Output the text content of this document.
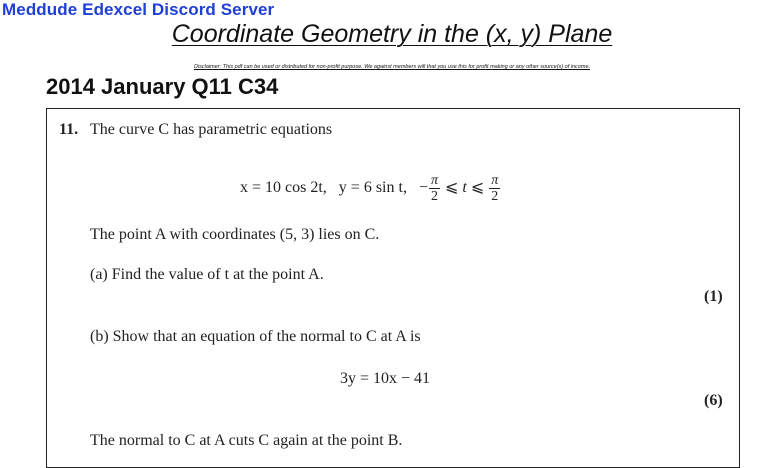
Meddude Edexcel Discord Server
Coordinate Geometry in the (x, y) Plane
Disclaimer: This pdf can be used or distributed for non-profit purpose. We against members will that you use this for profit making or any other source(s) of income.
2014 January Q11 C34
11. The curve C has parametric equations
x = 10 cos 2t, y = 6 sin t, − $\frac{\pi}{2}$ ⩽ t ⩽ $\frac{\pi}{2}$
The point A with coordinates (5, 3) lies on C.
(a) Find the value of t at the point A.
(1)
(b) Show that an equation of the normal to C at A is
3y = 10x − 41
(6)
The normal to C at A cuts C again at the point B.
